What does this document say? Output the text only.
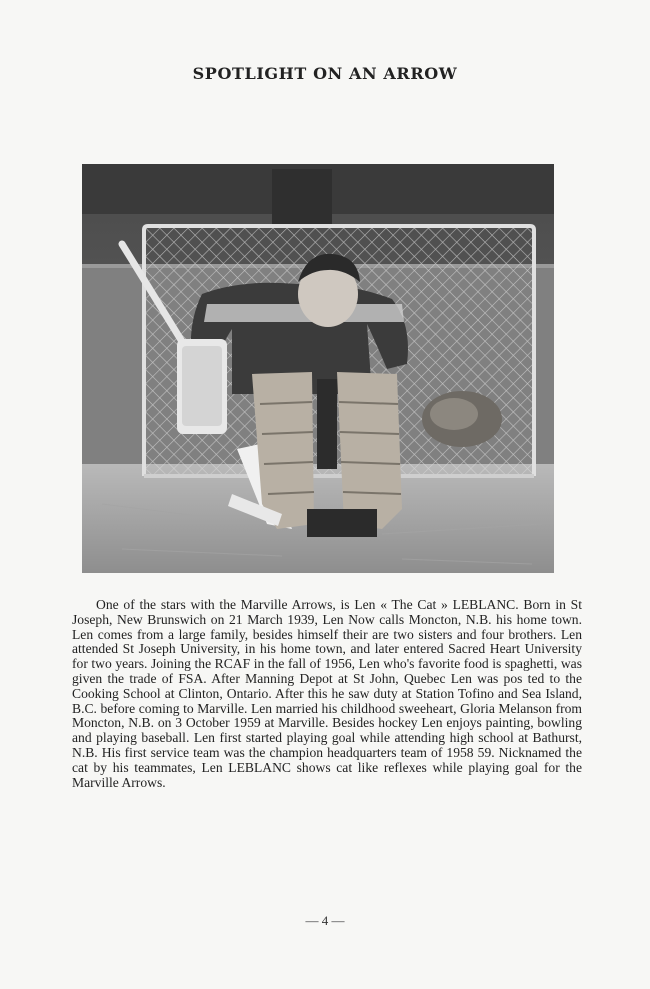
SPOTLIGHT ON AN ARROW

One of the stars with the Marville Arrows, is Len « The Cat » LEBLANC. Born in St Joseph, New Brunswich on 21 March 1939, Len Now calls Moncton, N.B. his home town. Len comes from a large family, besides himself their are two sisters and four brothers. Len attended St Joseph University, in his home town, and later entered Sacred Heart University for two years. Joining the RCAF in the fall of 1956, Len who's favorite food is spaghetti, was given the trade of FSA. After Manning Depot at St John, Quebec Len was pos ted to the Cooking School at Clinton, Ontario. After this he saw duty at Station Tofino and Sea Island, B.C. before coming to Marville. Len married his childhood sweeheart, Gloria Melanson from Moncton, N.B. on 3 October 1959 at Marville. Besides hockey Len enjoys painting, bowling and playing baseball. Len first started playing goal while attending high school at Bathurst, N.B. His first service team was the champion headquarters team of 1958 59. Nicknamed the cat by his teammates, Len LEBLANC shows cat like reflexes while playing goal for the Marville Arrows.

— 4 —
